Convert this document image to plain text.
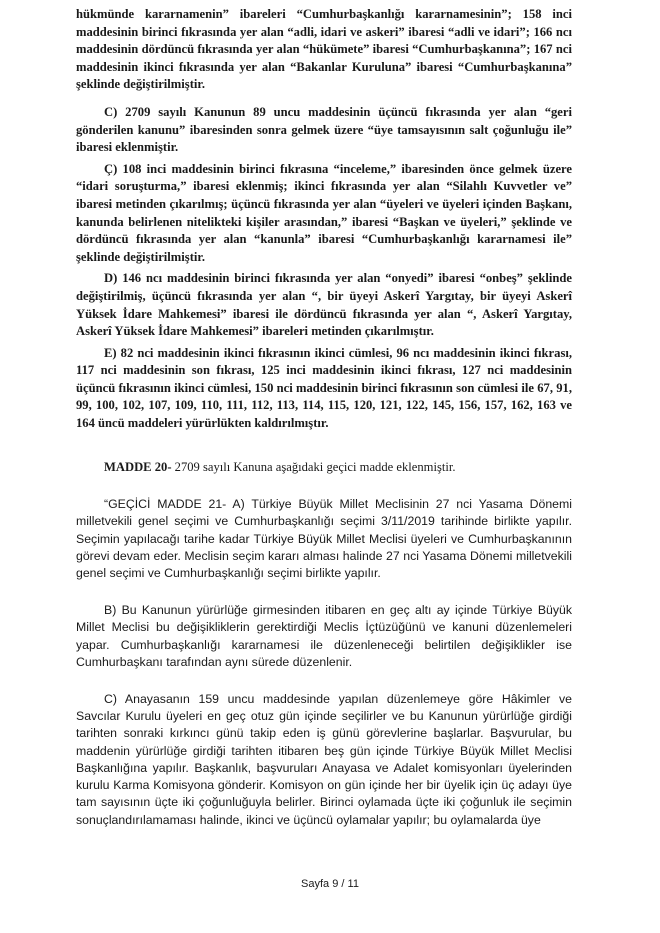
hükmünde kararnamenin” ibareleri “Cumhurbaşkanlığı kararnamesinin”; 158 inci maddesinin birinci fıkrasında yer alan “adli, idari ve askeri” ibaresi “adli ve idari”; 166 ncı maddesinin dördüncü fıkrasında yer alan “hükümete” ibaresi “Cumhurbaşkanına”; 167 nci maddesinin ikinci fıkrasında yer alan “Bakanlar Kuruluna” ibaresi “Cumhurbaşkanına” şeklinde değiştirilmiştir.

C) 2709 sayılı Kanunun 89 uncu maddesinin üçüncü fıkrasında yer alan “geri gönderilen kanunu” ibaresinden sonra gelmek üzere “üye tamsayısının salt çoğunluğu ile” ibaresi eklenmiştir.

Ç) 108 inci maddesinin birinci fıkrasına “inceleme,” ibaresinden önce gelmek üzere “idari soruşturma,” ibaresi eklenmiş; ikinci fıkrasında yer alan “Silahlı Kuvvetler ve” ibaresi metinden çıkarılmış; üçüncü fıkrasında yer alan “üyeleri ve üyeleri içinden Başkanı, kanunda belirlenen nitelikteki kişiler arasından,” ibaresi “Başkan ve üyeleri,” şeklinde ve dördüncü fıkrasında yer alan “kanunla” ibaresi “Cumhurbaşkanlığı kararnamesi ile” şeklinde değiştirilmiştir.

D) 146 ncı maddesinin birinci fıkrasında yer alan “onyedi” ibaresi “onbeş” şeklinde değiştirilmiş, üçüncü fıkrasında yer alan “, bir üyeyi Askerî Yargıtay, bir üyeyi Askerî Yüksek İdare Mahkemesi” ibaresi ile dördüncü fıkrasında yer alan “, Askerî Yargıtay, Askerî Yüksek İdare Mahkemesi” ibareleri metinden çıkarılmıştır.

E) 82 nci maddesinin ikinci fıkrasının ikinci cümlesi, 96 ncı maddesinin ikinci fıkrası, 117 nci maddesinin son fıkrası, 125 inci maddesinin ikinci fıkrası, 127 nci maddesinin üçüncü fıkrasının ikinci cümlesi, 150 nci maddesinin birinci fıkrasının son cümlesi ile 67, 91, 99, 100, 102, 107, 109, 110, 111, 112, 113, 114, 115, 120, 121, 122, 145, 156, 157, 162, 163 ve 164 üncü maddeleri yürürlükten kaldırılmıştır.

MADDE 20- 2709 sayılı Kanuna aşağıdaki geçici madde eklenmiştir.

“GEÇİCİ MADDE 21- A) Türkiye Büyük Millet Meclisinin 27 nci Yasama Dönemi milletvekili genel seçimi ve Cumhurbaşkanlığı seçimi 3/11/2019 tarihinde birlikte yapılır. Seçimin yapılacağı tarihe kadar Türkiye Büyük Millet Meclisi üyeleri ve Cumhurbaşkanının görevi devam eder. Meclisin seçim kararı alması halinde 27 nci Yasama Dönemi milletvekili genel seçimi ve Cumhurbaşkanlığı seçimi birlikte yapılır.

B) Bu Kanunun yürürlüğe girmesinden itibaren en geç altı ay içinde Türkiye Büyük Millet Meclisi bu değişikliklerin gerektirdiği Meclis İçtüzüğünü ve kanuni düzenlemeleri yapar. Cumhurbaşkanlığı kararnamesi ile düzenleneceği belirtilen değişiklikler ise Cumhurbaşkanı tarafından aynı sürede düzenlenir.

C) Anayasanın 159 uncu maddesinde yapılan düzenlemeye göre Hâkimler ve Savcılar Kurulu üyeleri en geç otuz gün içinde seçilirler ve bu Kanunun yürürlüğe girdiği tarihten sonraki kırkıncı günü takip eden iş günü görevlerine başlarlar. Başvurular, bu maddenin yürürlüğe girdiği tarihten itibaren beş gün içinde Türkiye Büyük Millet Meclisi Başkanlığına yapılır. Başkanlık, başvuruları Anayasa ve Adalet komisyonları üyelerinden kurulu Karma Komisyona gönderir. Komisyon on gün içinde her bir üyelik için üç adayı üye tam sayısının üçte iki çoğunluğuyla belirler. Birinci oylamada üçte iki çoğunluk ile seçimin sonuçlandırılamaması halinde, ikinci ve üçüncü oylamalar yapılır; bu oylamalarda üye

Sayfa 9 / 11
